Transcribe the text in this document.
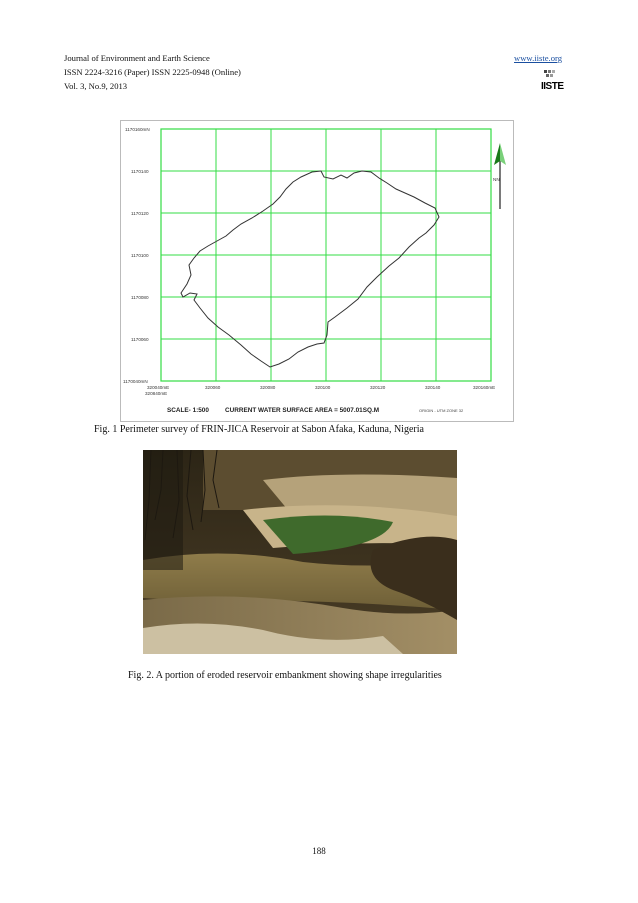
Journal of Environment and Earth Science
ISSN 2224-3216 (Paper) ISSN 2225-0948 (Online)
Vol. 3, No.9, 2013
www.iiste.org
IISTE
1170160mN
1170140
1170120
1170100
1170080
1170060
1170040mN
320040mE
320840mE
320060	320080	320100	320120	320140	320160mE
NN
SCALE- 1:500	CURRENT WATER SURFACE AREA = 5007.01SQ.M	ORIGIN - UTM ZONE 32
Fig. 1 Perimeter survey of FRIN-JICA Reservoir at Sabon Afaka, Kaduna, Nigeria
Fig. 2. A portion of eroded reservoir embankment showing shape irregularities
188
